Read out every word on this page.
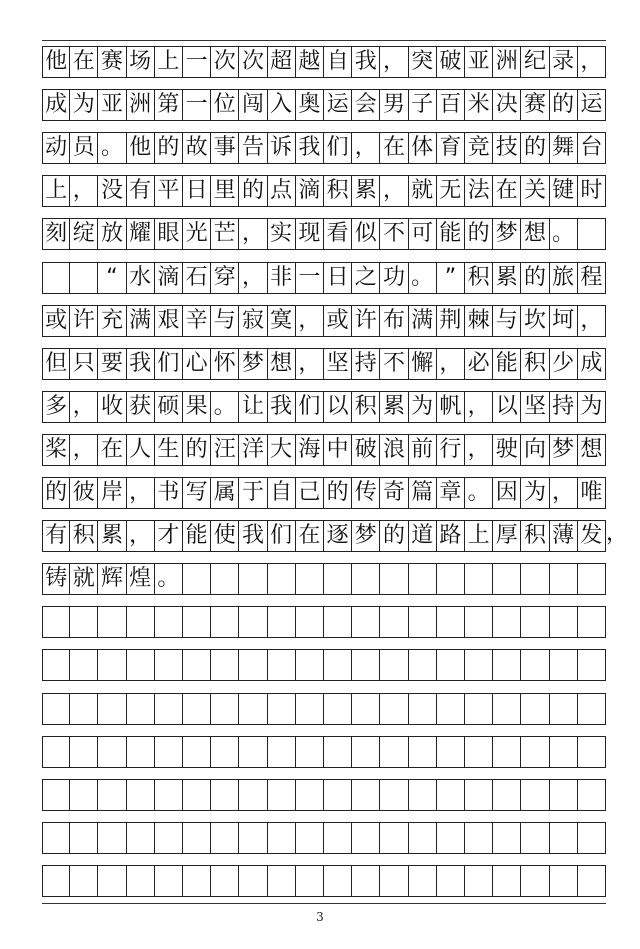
他 在 赛 场 上 一 次 次 超 越 自 我 ， 突 破 亚 洲 纪 录 ，
成 为 亚 洲 第 一 位 闯 入 奥 运 会 男 子 百 米 决 赛 的 运
动 员 。 他 的 故 事 告 诉 我 们 ， 在 体 育 竞 技 的 舞 台
上 ， 没 有 平 日 里 的 点 滴 积 累 ， 就 无 法 在 关 键 时
刻 绽 放 耀 眼 光 芒 ， 实 现 看 似 不 可 能 的 梦 想 。
“ 水 滴 石 穿 ， 非 一 日 之 功 。 ” 积 累 的 旅 程
或 许 充 满 艰 辛 与 寂 寞 ， 或 许 布 满 荆 棘 与 坎 坷 ，
但 只 要 我 们 心 怀 梦 想 ， 坚 持 不 懈 ， 必 能 积 少 成
多 ， 收 获 硕 果 。 让 我 们 以 积 累 为 帆 ， 以 坚 持 为
桨 ， 在 人 生 的 汪 洋 大 海 中 破 浪 前 行 ， 驶 向 梦 想
的 彼 岸 ， 书 写 属 于 自 己 的 传 奇 篇 章 。 因 为 ， 唯
有 积 累 ， 才 能 使 我 们 在 逐 梦 的 道 路 上 厚 积 薄 发
铸 就 辉 煌 。
3
，
